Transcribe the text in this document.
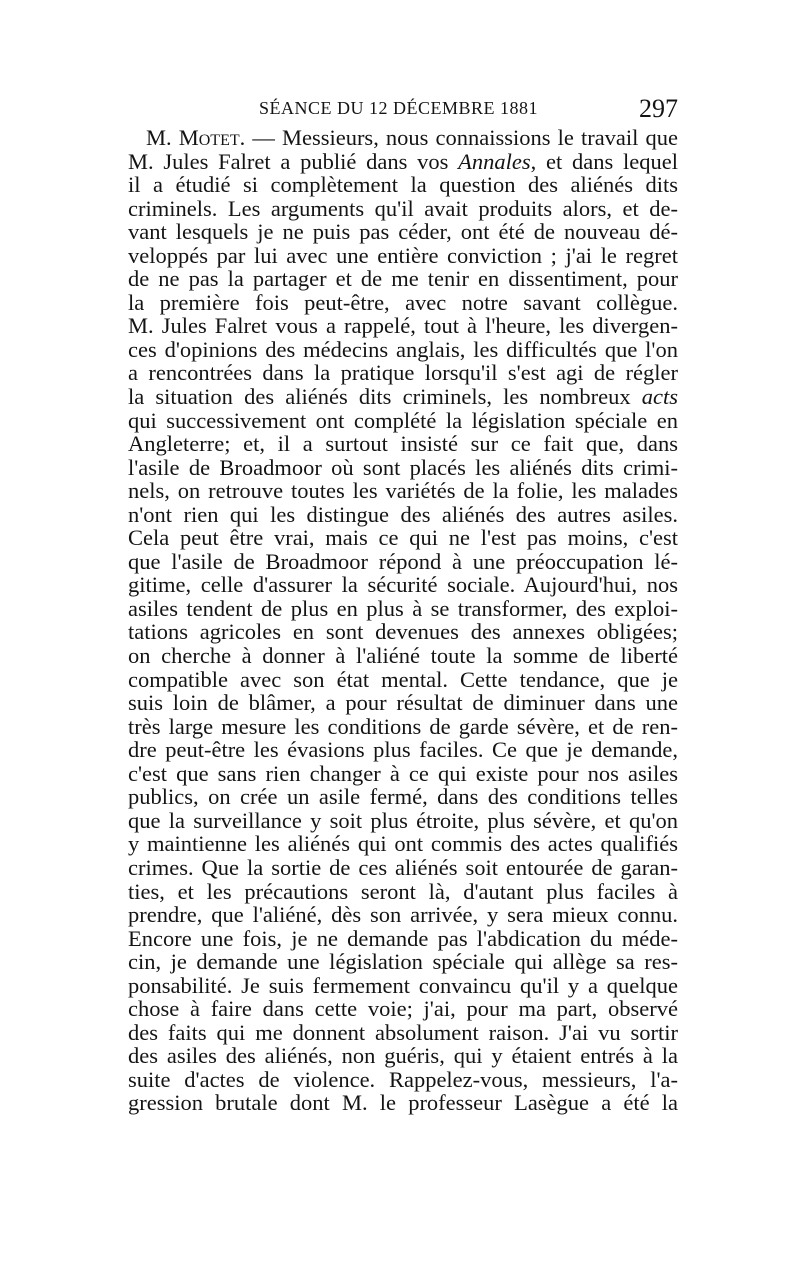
SÉANCE DU 12 DÉCEMBRE 1881	297
M. Motet. — Messieurs, nous connaissions le travail que
M. Jules Falret a publié dans vos Annales, et dans lequel
il a étudié si complètement la question des aliénés dits
criminels. Les arguments qu'il avait produits alors, et de-
vant lesquels je ne puis pas céder, ont été de nouveau dé-
veloppés par lui avec une entière conviction ; j'ai le regret
de ne pas la partager et de me tenir en dissentiment, pour
la première fois peut-être, avec notre savant collègue.
M. Jules Falret vous a rappelé, tout à l'heure, les divergen-
ces d'opinions des médecins anglais, les difficultés que l'on
a rencontrées dans la pratique lorsqu'il s'est agi de régler
la situation des aliénés dits criminels, les nombreux acts
qui successivement ont complété la législation spéciale en
Angleterre; et, il a surtout insisté sur ce fait que, dans
l'asile de Broadmoor où sont placés les aliénés dits crimi-
nels, on retrouve toutes les variétés de la folie, les malades
n'ont rien qui les distingue des aliénés des autres asiles.
Cela peut être vrai, mais ce qui ne l'est pas moins, c'est
que l'asile de Broadmoor répond à une préoccupation lé-
gitime, celle d'assurer la sécurité sociale. Aujourd'hui, nos
asiles tendent de plus en plus à se transformer, des exploi-
tations agricoles en sont devenues des annexes obligées;
on cherche à donner à l'aliéné toute la somme de liberté
compatible avec son état mental. Cette tendance, que je
suis loin de blâmer, a pour résultat de diminuer dans une
très large mesure les conditions de garde sévère, et de ren-
dre peut-être les évasions plus faciles. Ce que je demande,
c'est que sans rien changer à ce qui existe pour nos asiles
publics, on crée un asile fermé, dans des conditions telles
que la surveillance y soit plus étroite, plus sévère, et qu'on
y maintienne les aliénés qui ont commis des actes qualifiés
crimes. Que la sortie de ces aliénés soit entourée de garan-
ties, et les précautions seront là, d'autant plus faciles à
prendre, que l'aliéné, dès son arrivée, y sera mieux connu.
Encore une fois, je ne demande pas l'abdication du méde-
cin, je demande une législation spéciale qui allège sa res-
ponsabilité. Je suis fermement convaincu qu'il y a quelque
chose à faire dans cette voie; j'ai, pour ma part, observé
des faits qui me donnent absolument raison. J'ai vu sortir
des asiles des aliénés, non guéris, qui y étaient entrés à la
suite d'actes de violence. Rappelez-vous, messieurs, l'a-
gression brutale dont M. le professeur Lasègue a été la
